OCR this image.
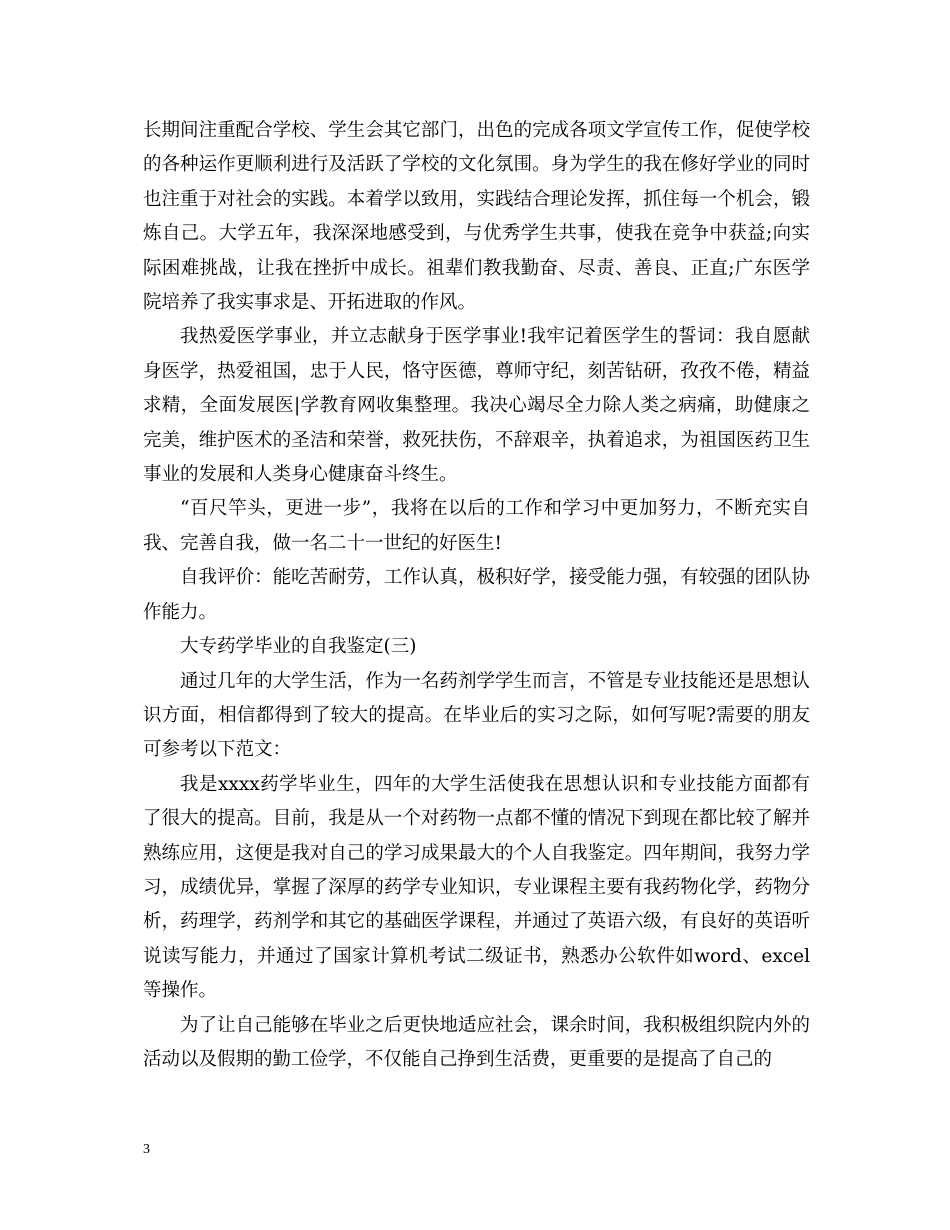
长期间注重配合学校、学生会其它部门，出色的完成各项文学宣传工作，促使学校的各种运作更顺利进行及活跃了学校的文化氛围。身为学生的我在修好学业的同时也注重于对社会的实践。本着学以致用，实践结合理论发挥，抓住每一个机会，锻炼自己。大学五年，我深深地感受到，与优秀学生共事，使我在竞争中获益;向实际困难挑战，让我在挫折中成长。祖辈们教我勤奋、尽责、善良、正直;广东医学院培养了我实事求是、开拓进取的作风。

我热爱医学事业，并立志献身于医学事业!我牢记着医学生的誓词：我自愿献身医学，热爱祖国，忠于人民，恪守医德，尊师守纪，刻苦钻研，孜孜不倦，精益求精，全面发展医|学教育网收集整理。我决心竭尽全力除人类之病痛，助健康之完美，维护医术的圣洁和荣誉，救死扶伤，不辞艰辛，执着追求，为祖国医药卫生事业的发展和人类身心健康奋斗终生。

“百尺竿头，更进一步”，我将在以后的工作和学习中更加努力，不断充实自我、完善自我，做一名二十一世纪的好医生!

自我评价：能吃苦耐劳，工作认真，极积好学，接受能力强，有较强的团队协作能力。

大专药学毕业的自我鉴定(三)

通过几年的大学生活，作为一名药剂学学生而言，不管是专业技能还是思想认识方面，相信都得到了较大的提高。在毕业后的实习之际，如何写呢?需要的朋友可参考以下范文：

我是xxxx药学毕业生，四年的大学生活使我在思想认识和专业技能方面都有了很大的提高。目前，我是从一个对药物一点都不懂的情况下到现在都比较了解并熟练应用，这便是我对自己的学习成果最大的个人自我鉴定。四年期间，我努力学习，成绩优异，掌握了深厚的药学专业知识，专业课程主要有我药物化学，药物分析，药理学，药剂学和其它的基础医学课程，并通过了英语六级，有良好的英语听说读写能力，并通过了国家计算机考试二级证书，熟悉办公软件如word、excel等操作。

为了让自己能够在毕业之后更快地适应社会，课余时间，我积极组织院内外的活动以及假期的勤工俭学，不仅能自己挣到生活费，更重要的是提高了自己的

3
